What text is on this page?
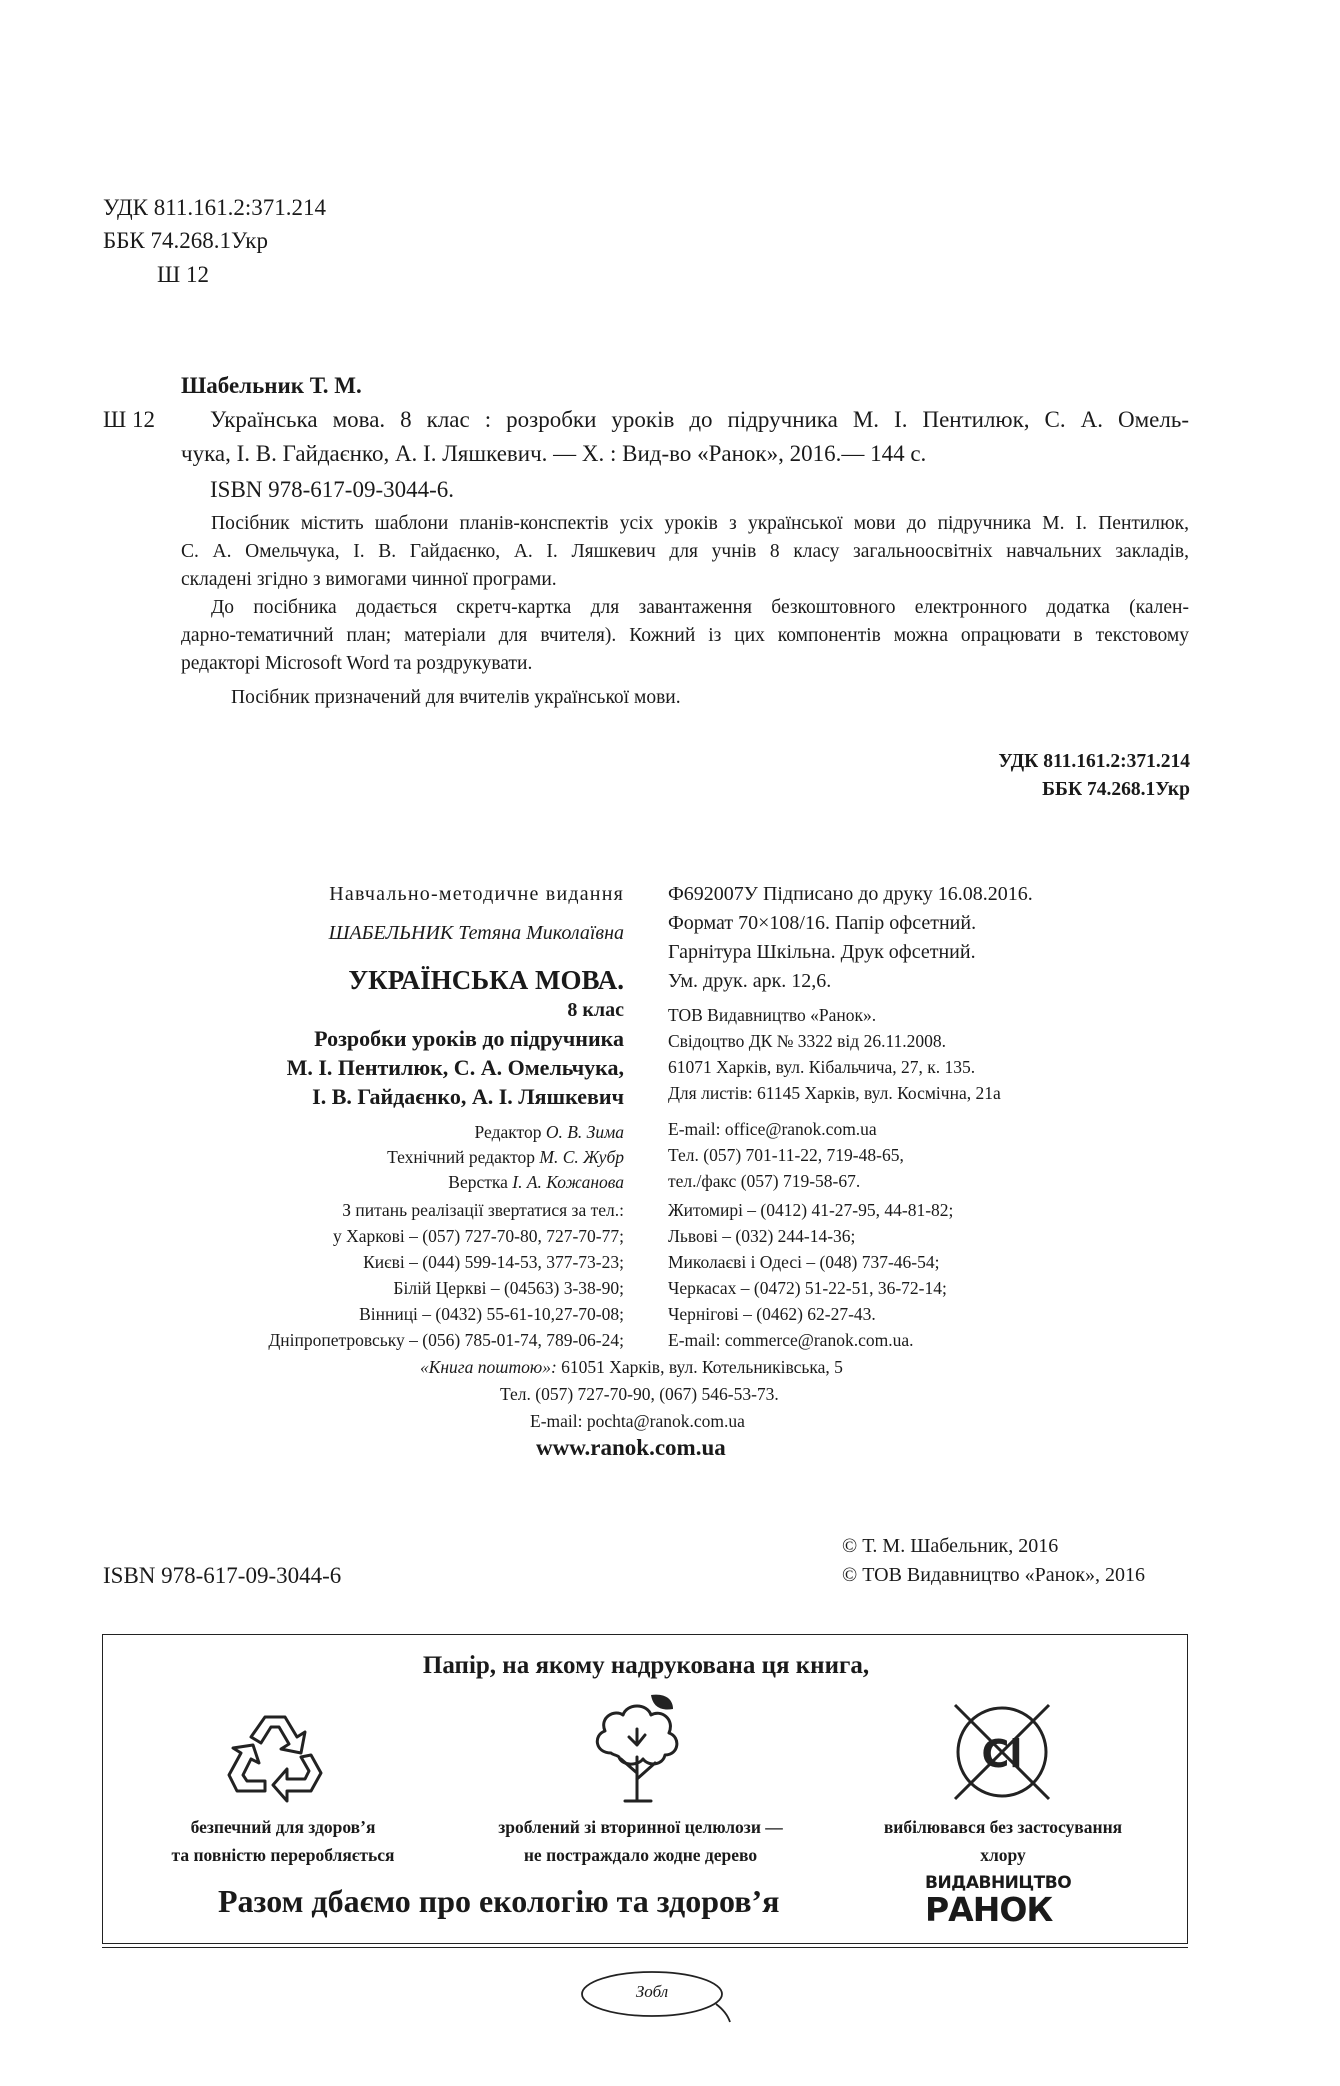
УДК 811.161.2:371.214
ББК 74.268.1Укр
Ш 12
Шабельник Т. М.
Ш 12 Українська мова. 8 клас : розробки уроків до підручника М. І. Пентилюк, С. А. Омель-
чука, І. В. Гайдаєнко, А. І. Ляшкевич. — Х. : Вид-во «Ранок», 2016.— 144 с.
ISBN 978-617-09-3044-6.

Посібник містить шаблони планів-конспектів усіх уроків з української мови до підручника М. І. Пентилюк,

С. А. Омельчука, І. В. Гайдаєнко, А. І. Ляшкевич для учнів 8 класу загальноосвітніх навчальних закладів,

складені згідно з вимогами чинної програми.

До посібника додається скретч-картка для завантаження безкоштовного електронного додатка (кален-

дарно-тематичний план; матеріали для вчителя). Кожний із цих компонентів можна опрацювати в текстовому

редакторі Microsoft Word та роздрукувати.

Посібник призначений для вчителів української мови.

УДК 811.161.2:371.214
ББК 74.268.1Укр
Навчально-методичне видання
ШАБЕЛЬНИК Тетяна Миколаївна
УКРАЇНСЬКА МОВА.
8 клас
Розробки уроків до підручника
М. І. Пентилюк, С. А. Омельчука,
І. В. Гайдаєнко, А. І. Ляшкевич
Редактор О. В. Зима
Технічний редактор М. С. Жубр
Верстка І. А. Кожанова
З питань реалізації звертатися за тел.:
у Харкові – (057) 727-70-80, 727-70-77;
Києві – (044) 599-14-53, 377-73-23;
Білій Церкві – (04563) 3-38-90;
Вінниці – (0432) 55-61-10,27-70-08;
Дніпропетровську – (056) 785-01-74, 789-06-24;
Ф692007У Підписано до друку 16.08.2016.
Формат 70×108/16. Папір офсетний.
Гарнітура Шкільна. Друк офсетний.
Ум. друк. арк. 12,6.
ТОВ Видавництво «Ранок».
Свідоцтво ДК № 3322 від 26.11.2008.
61071 Харків, вул. Кібальчича, 27, к. 135.
Для листів: 61145 Харків, вул. Космічна, 21а
E-mail: office@ranok.com.ua
Тел. (057) 701-11-22, 719-48-65,
тел./факс (057) 719-58-67.
Житомирі – (0412) 41-27-95, 44-81-82;
Львові – (032) 244-14-36;
Миколаєві і Одесі – (048) 737-46-54;
Черкасах – (0472) 51-22-51, 36-72-14;
Чернігові – (0462) 62-27-43.
E-mail: commerce@ranok.com.ua.
«Книга поштою»: 61051 Харків, вул. Котельниківська, 5
Тел. (057) 727-70-90, (067) 546-53-73.
E-mail: pochta@ranok.com.ua
www.ranok.com.ua
ISBN 978-617-09-3044-6
© Т. М. Шабельник, 2016
© ТОВ Видавництво «Ранок», 2016
Папір, на якому надрукована ця книга,
Cl
безпечний для здоров’я
та повністю переробляється
зроблений зі вторинної целюлози —
не постраждало жодне дерево
вибілювався без застосування
хлору
Разом дбаємо про екологію та здоров’я	ВИДАВНИЦТВО
РАНОК
Зобл
